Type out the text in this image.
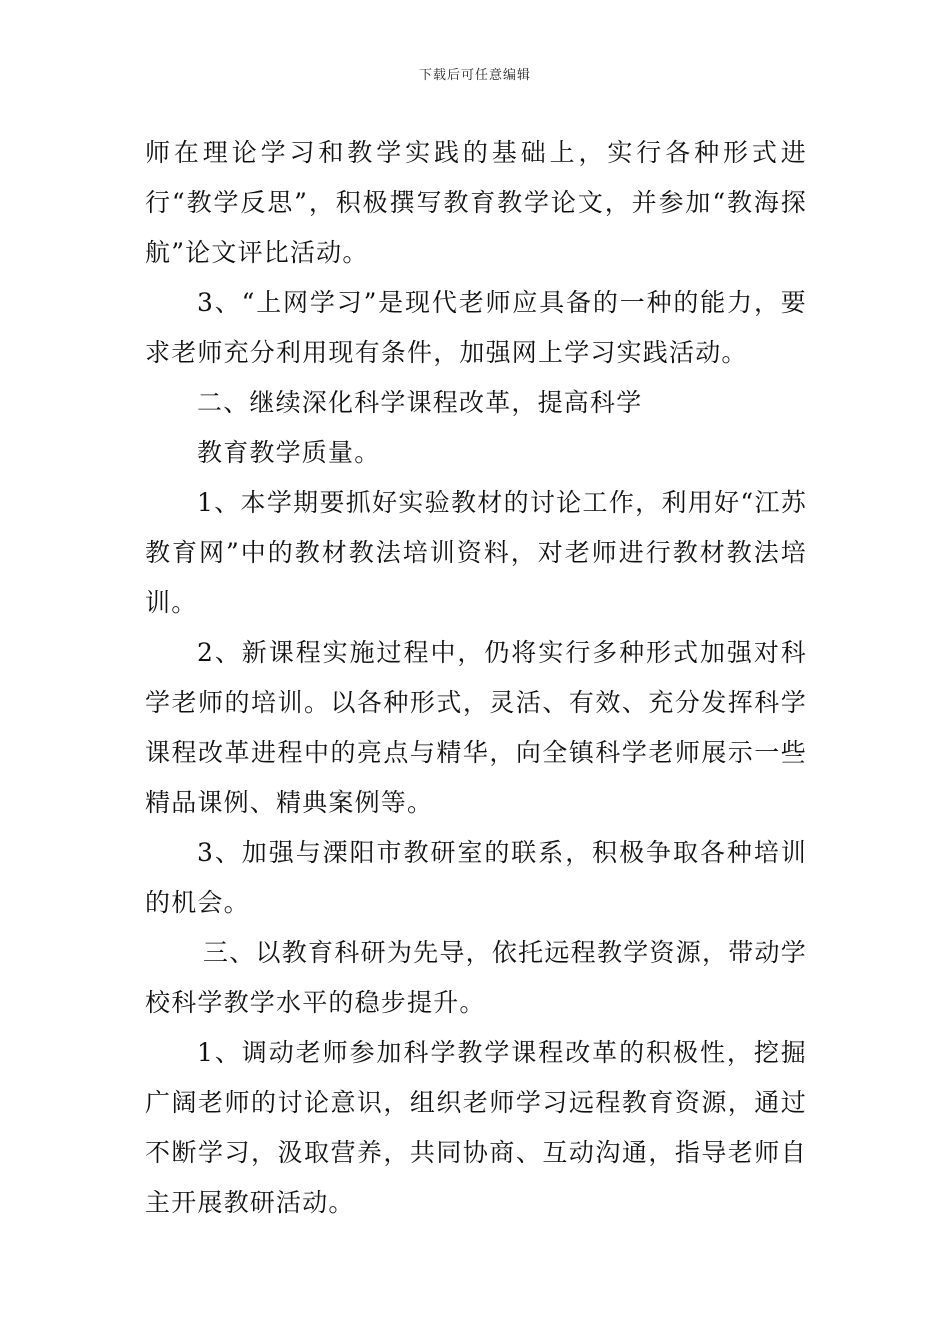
下载后可任意编辑

师在理论学习和教学实践的基础上，实行各种形式进行“教学反思”，积极撰写教育教学论文，并参加“教海探航”论文评比活动。

3、“上网学习”是现代老师应具备的一种的能力，要求老师充分利用现有条件，加强网上学习实践活动。

二、继续深化科学课程改革，提高科学

教育教学质量。

1、本学期要抓好实验教材的讨论工作，利用好“江苏教育网”中的教材教法培训资料，对老师进行教材教法培训。

2、新课程实施过程中，仍将实行多种形式加强对科学老师的培训。以各种形式，灵活、有效、充分发挥科学课程改革进程中的亮点与精华，向全镇科学老师展示一些精品课例、精典案例等。

3、加强与溧阳市教研室的联系，积极争取各种培训的机会。

三、以教育科研为先导，依托远程教学资源，带动学校科学教学水平的稳步提升。

1、调动老师参加科学教学课程改革的积极性，挖掘广阔老师的讨论意识，组织老师学习远程教育资源，通过不断学习，汲取营养，共同协商、互动沟通，指导老师自主开展教研活动。
